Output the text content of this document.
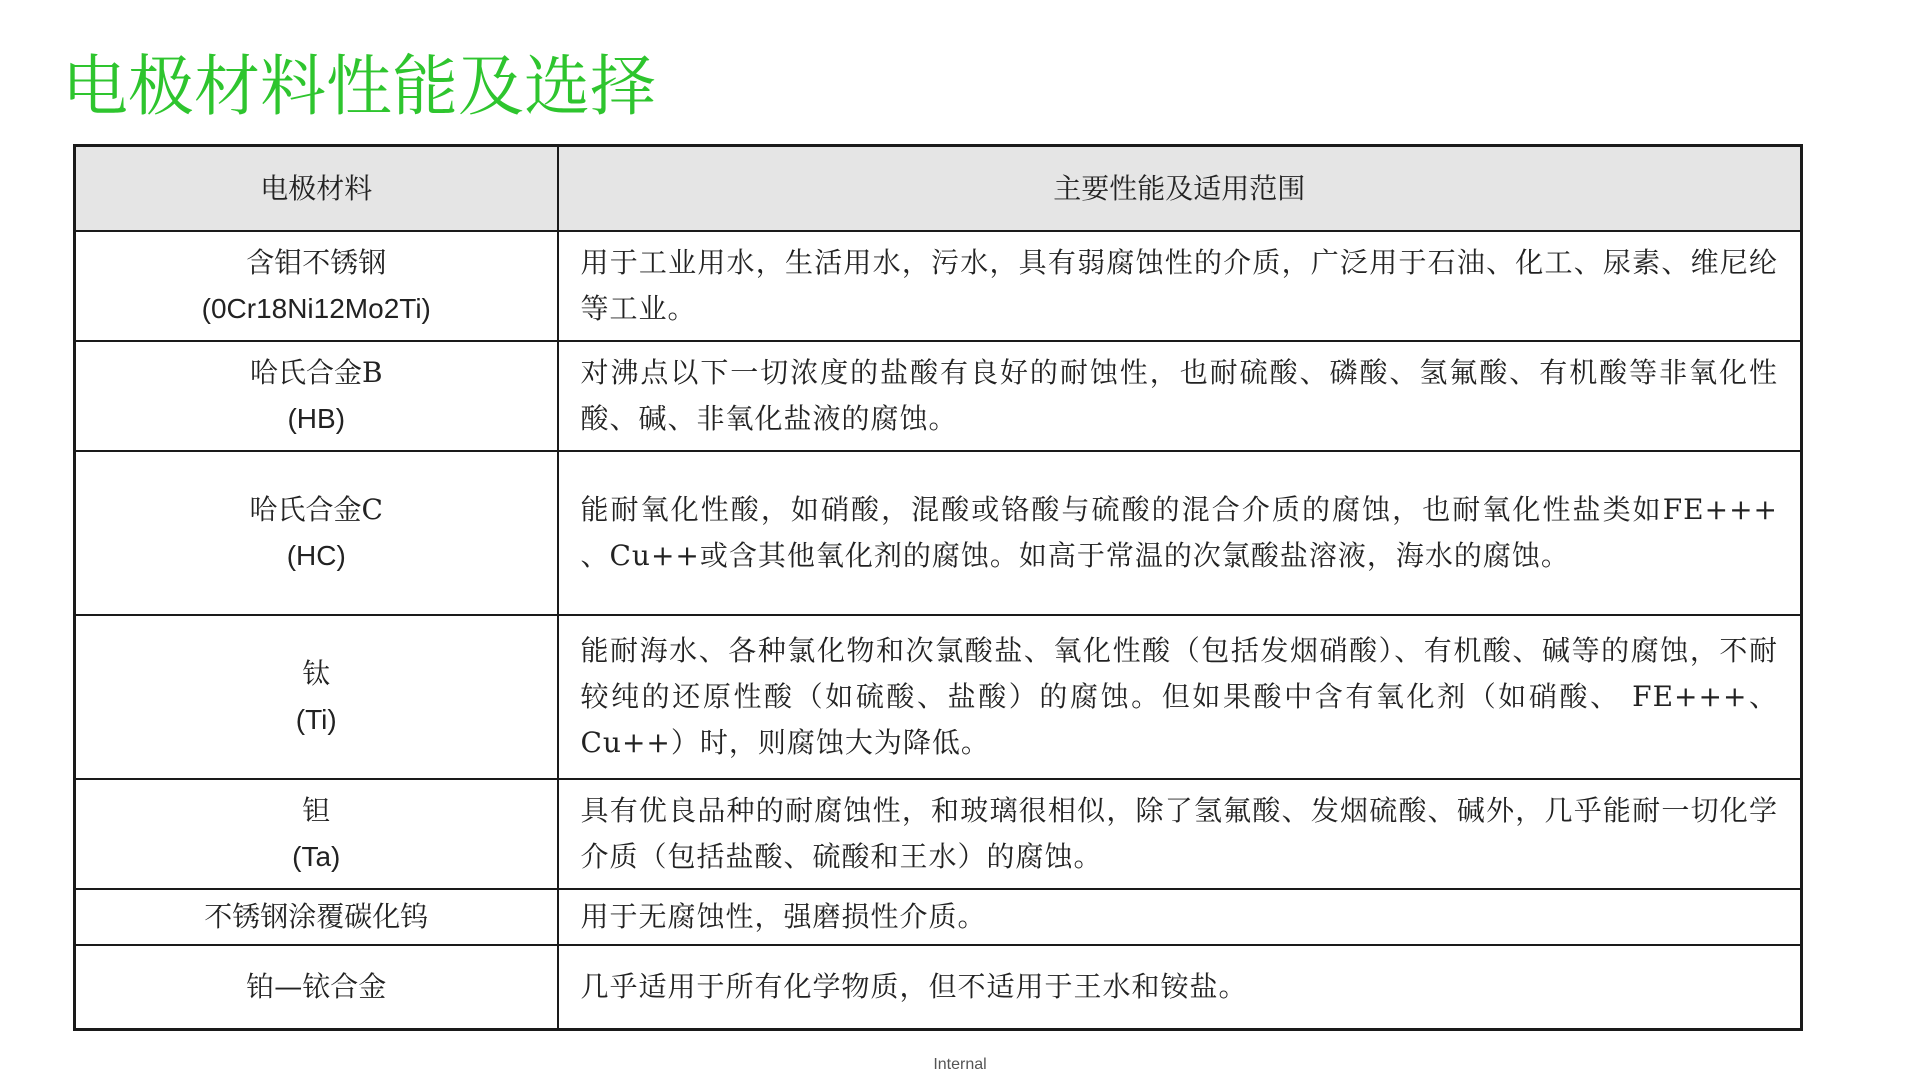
电极材料性能及选择
电极材料	主要性能及适用范围
含钼不锈钢
(0Cr18Ni12Mo2Ti)	用于工业用水，生活用水，污水，具有弱腐蚀性的介质，广泛用于石油、化工、尿素、维尼纶等工业。
哈氏合金B
(HB)	对沸点以下一切浓度的盐酸有良好的耐蚀性，也耐硫酸、磷酸、氢氟酸、有机酸等非氧化性酸、碱、非氧化盐液的腐蚀。
哈氏合金C
(HC)	能耐氧化性酸，如硝酸，混酸或铬酸与硫酸的混合介质的腐蚀，也耐氧化性盐类如FE+++ 、Cu++或含其他氧化剂的腐蚀。如高于常温的次氯酸盐溶液，海水的腐蚀。
钛
(Ti)	能耐海水、各种氯化物和次氯酸盐、氧化性酸（包括发烟硝酸）、有机酸、碱等的腐蚀，不耐较纯的还原性酸（如硫酸、盐酸）的腐蚀。但如果酸中含有氧化剂（如硝酸、 FE+++、Cu++）时，则腐蚀大为降低。
钽
(Ta)	具有优良品种的耐腐蚀性，和玻璃很相似，除了氢氟酸、发烟硫酸、碱外，几乎能耐一切化学介质（包括盐酸、硫酸和王水）的腐蚀。
不锈钢涂覆碳化钨	用于无腐蚀性，强磨损性介质。
铂—铱合金	几乎适用于所有化学物质，但不适用于王水和铵盐。
Internal
